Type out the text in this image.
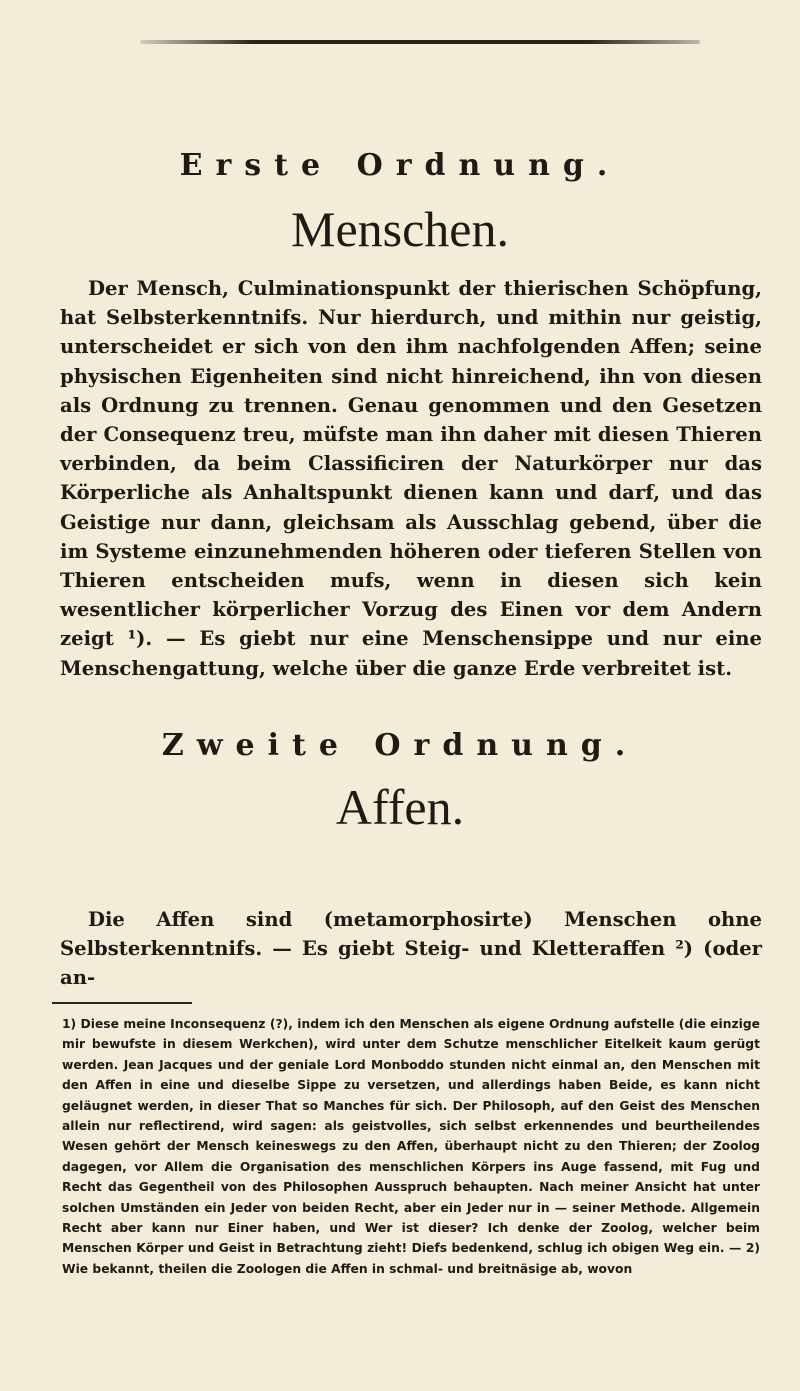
Erste Ordnung.
Menschen.

Der Mensch, Culminationspunkt der thierischen Schöpfung, hat Selbsterkenntnifs. Nur hierdurch, und mithin nur geistig, unterscheidet er sich von den ihm nachfolgenden Affen; seine physischen Eigenheiten sind nicht hinreichend, ihn von diesen als Ordnung zu trennen. Genau genommen und den Gesetzen der Consequenz treu, müfste man ihn daher mit diesen Thieren verbinden, da beim Classificiren der Naturkörper nur das Körperliche als Anhaltspunkt dienen kann und darf, und das Geistige nur dann, gleichsam als Ausschlag gebend, über die im Systeme einzunehmenden höheren oder tieferen Stellen von Thieren entscheiden mufs, wenn in diesen sich kein wesentlicher körperlicher Vorzug des Einen vor dem Andern zeigt ¹). — Es giebt nur eine Menschensippe und nur eine Menschengattung, welche über die ganze Erde verbreitet ist.

Zweite Ordnung.
Affen.

Die Affen sind (metamorphosirte) Menschen ohne Selbsterkenntnifs. — Es giebt Steig- und Kletteraffen ²) (oder an-

1) Diese meine Inconsequenz (?), indem ich den Menschen als eigene Ordnung aufstelle (die einzige mir bewufste in diesem Werkchen), wird unter dem Schutze menschlicher Eitelkeit kaum gerügt werden. Jean Jacques und der geniale Lord Monboddo stunden nicht einmal an, den Menschen mit den Affen in eine und dieselbe Sippe zu versetzen, und allerdings haben Beide, es kann nicht geläugnet werden, in dieser That so Manches für sich. Der Philosoph, auf den Geist des Menschen allein nur reflectirend, wird sagen: als geistvolles, sich selbst erkennendes und beurtheilendes Wesen gehört der Mensch keineswegs zu den Affen, überhaupt nicht zu den Thieren; der Zoolog dagegen, vor Allem die Organisation des menschlichen Körpers ins Auge fassend, mit Fug und Recht das Gegentheil von des Philosophen Ausspruch behaupten. Nach meiner Ansicht hat unter solchen Umständen ein Jeder von beiden Recht, aber ein Jeder nur in — seiner Methode. Allgemein Recht aber kann nur Einer haben, und Wer ist dieser? Ich denke der Zoolog, welcher beim Menschen Körper und Geist in Betrachtung zieht! Diefs bedenkend, schlug ich obigen Weg ein. — 2) Wie bekannt, theilen die Zoologen die Affen in schmal- und breitnäsige ab, wovon
